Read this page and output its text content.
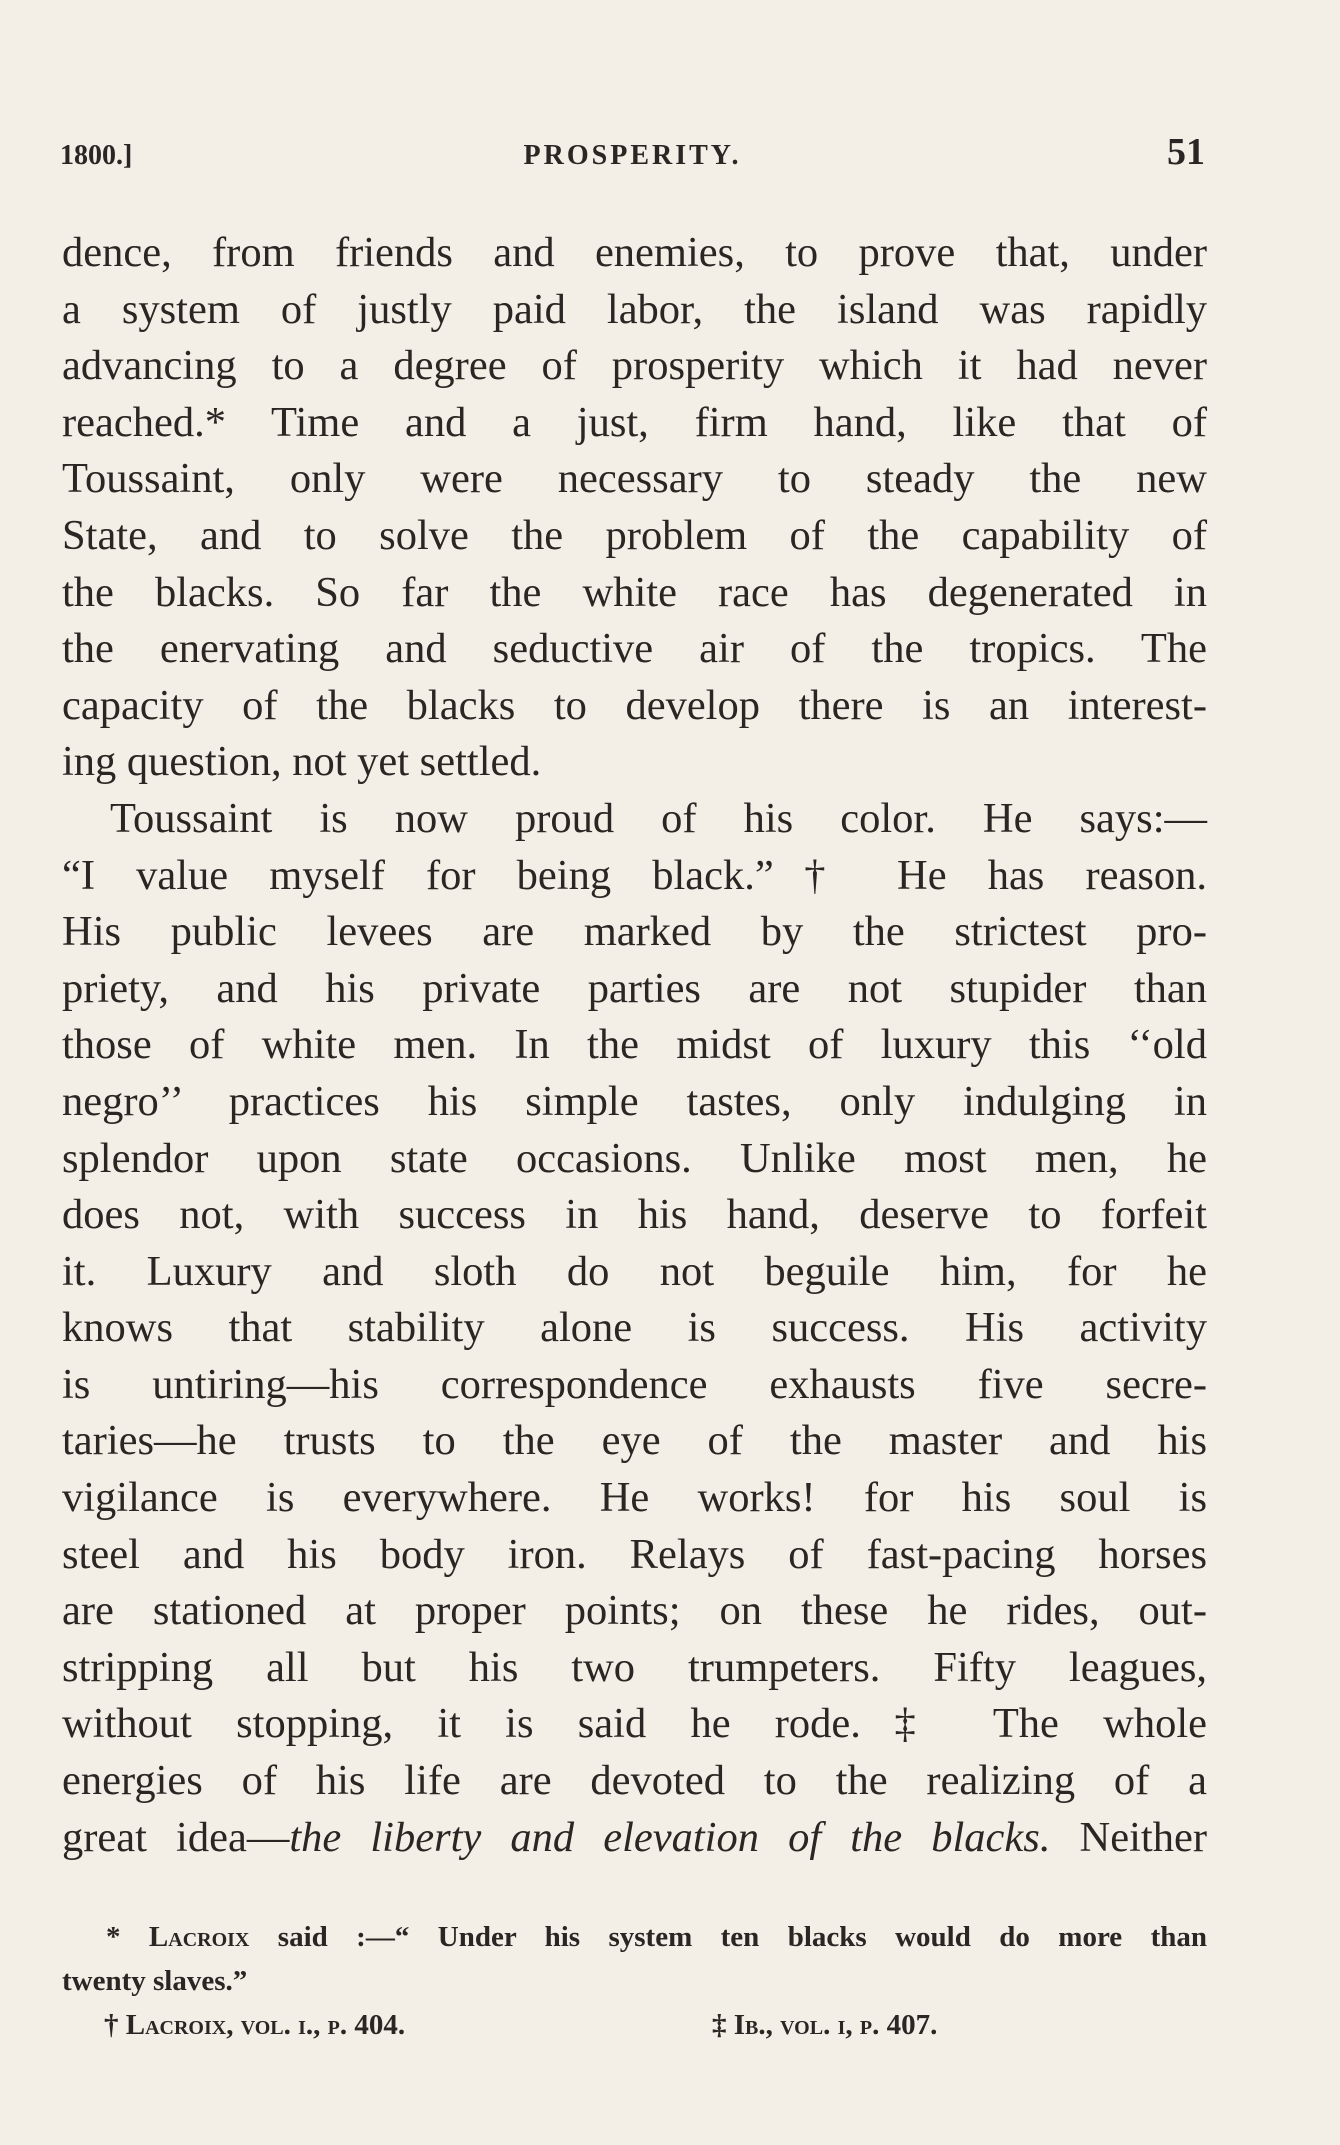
1800.]	PROSPERITY.	51

dence, from friends and enemies, to prove that, under
a system of justly paid labor, the island was rapidly
advancing to a degree of prosperity which it had never
reached.* Time and a just, firm hand, like that of
Toussaint, only were necessary to steady the new
State, and to solve the problem of the capability of
the blacks. So far the white race has degenerated in
the enervating and seductive air of the tropics. The
capacity of the blacks to develop there is an interest-
ing question, not yet settled.

Toussaint is now proud of his color. He says:—
“I value myself for being black.”† He has reason.
His public levees are marked by the strictest pro-
priety, and his private parties are not stupider than
those of white men. In the midst of luxury this ‘‘old
negro’’ practices his simple tastes, only indulging in
splendor upon state occasions. Unlike most men, he
does not, with success in his hand, deserve to forfeit
it. Luxury and sloth do not beguile him, for he
knows that stability alone is success. His activity
is untiring—his correspondence exhausts five secre-
taries—he trusts to the eye of the master and his
vigilance is everywhere. He works! for his soul is
steel and his body iron. Relays of fast-pacing horses
are stationed at proper points; on these he rides, out-
stripping all but his two trumpeters. Fifty leagues,
without stopping, it is said he rode.‡ The whole
energies of his life are devoted to the realizing of a
great idea—the liberty and elevation of the blacks. Neither

* Lacroix said :—“ Under his system ten blacks would do more than
twenty slaves.”
† Lacroix, vol. i., p. 404.	‡ Ib., vol. i, p. 407.
